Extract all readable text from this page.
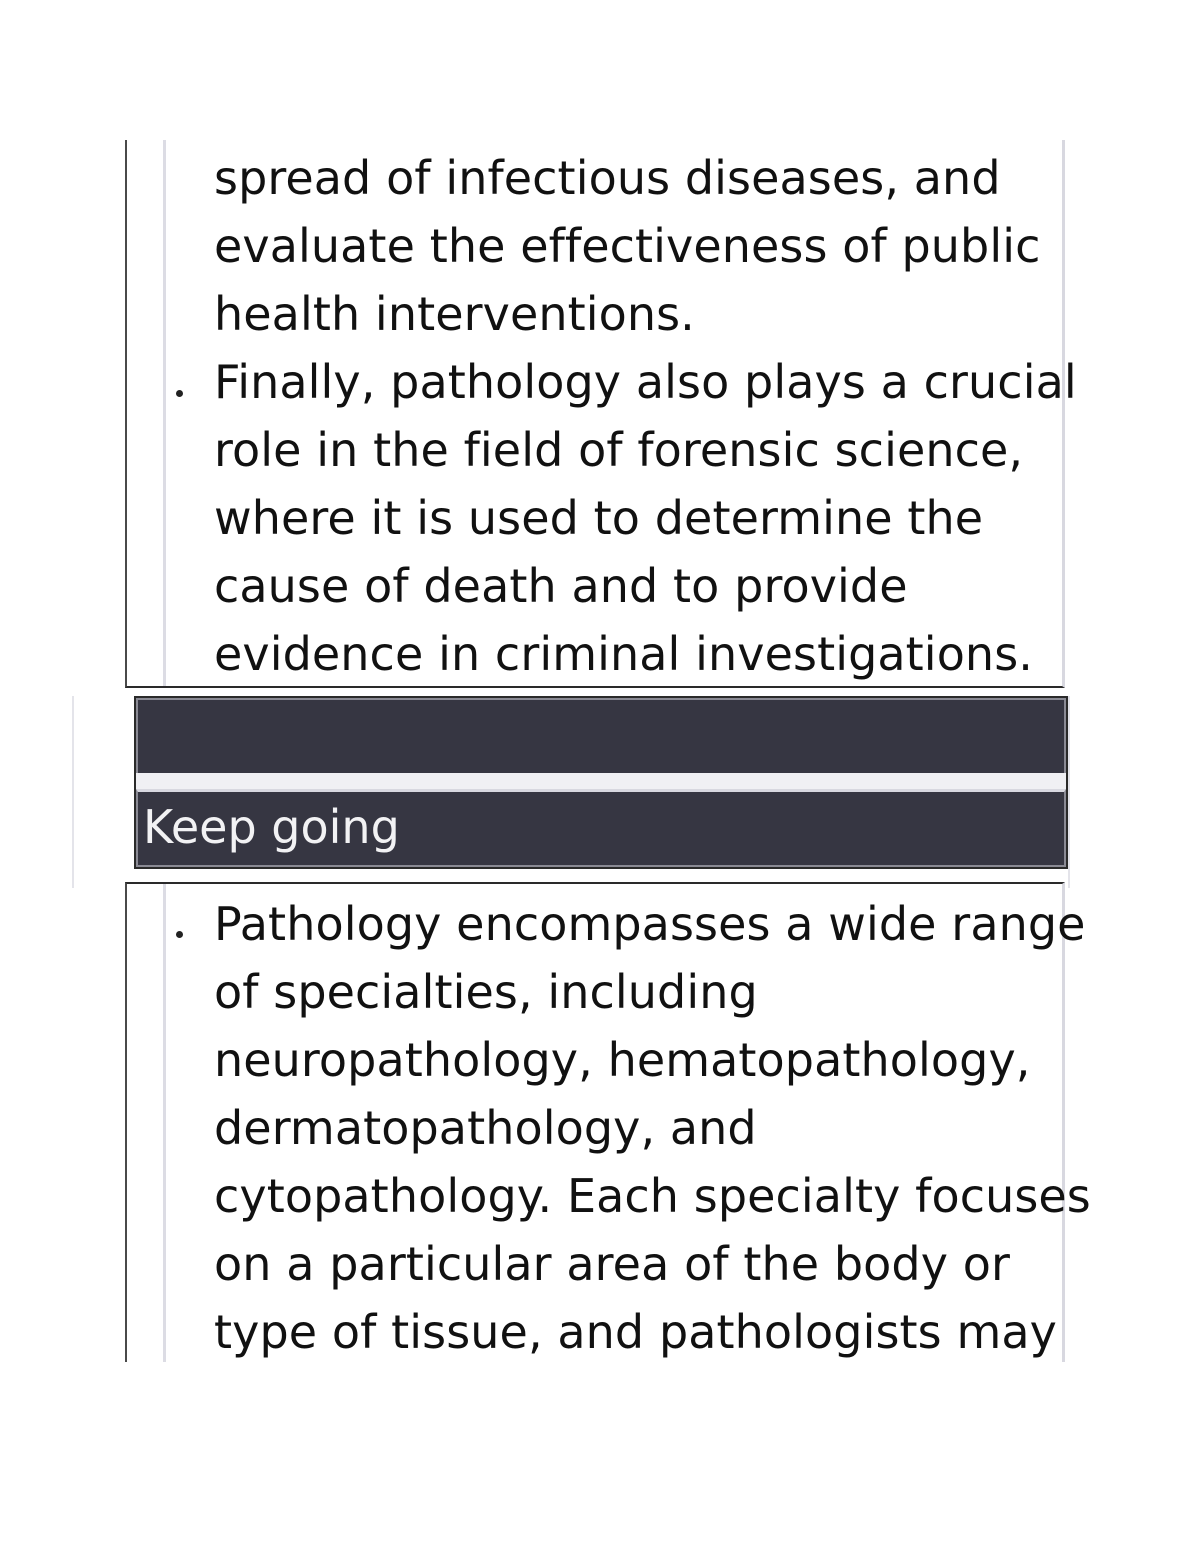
spread of infectious diseases, and

evaluate the effectiveness of public

health interventions.

Finally, pathology also plays a crucial

role in the field of forensic science,

where it is used to determine the

cause of death and to provide

evidence in criminal investigations.

Keep going

Pathology encompasses a wide range

of specialties, including

neuropathology, hematopathology,

dermatopathology, and

cytopathology. Each specialty focuses

on a particular area of the body or

type of tissue, and pathologists may
